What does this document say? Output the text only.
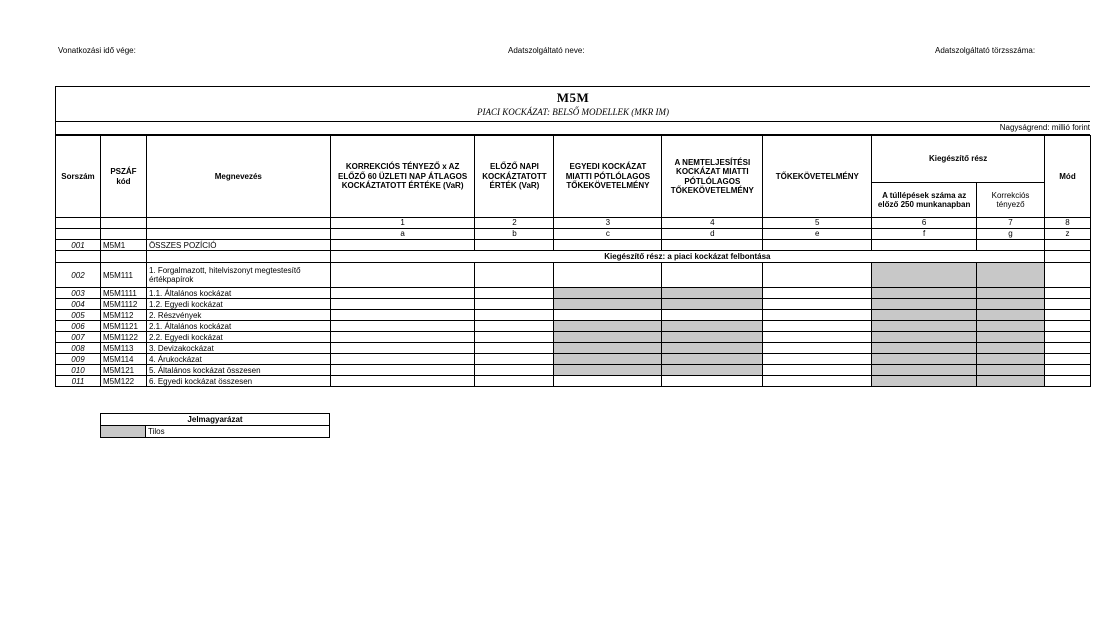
Vonatkozási idő vége:	Adatszolgáltató neve:	Adatszolgáltató törzsszáma:
M5M
PIACI KOCKÁZAT: BELSŐ MODELLEK (MKR IM)
Nagyságrend: millió forint
Sorszám	PSZÁF kód	Megnevezés	KORREKCIÓS TÉNYEZŐ x AZ ELŐZŐ 60 ÜZLETI NAP ÁTLAGOS KOCKÁZTATOTT ÉRTÉKE (VaR)	ELŐZŐ NAPI KOCKÁZTATOTT ÉRTÉK (VaR)	EGYEDI KOCKÁZAT MIATTI PÓTLÓLAGOS TŐKEKÖVETELMÉNY	A NEMTELJESÍTÉSI KOCKÁZAT MIATTI PÓTLÓLAGOS TŐKEKÖVETELMÉNY	TŐKEKÖVETELMÉNY	Kiegészítő rész		Mód
								A túllépések száma az előző 250 munkanapban	Korrekciós tényező	
			1	2	3	4	5	6	7	8
			a	b	c	d	e	f	g	z
001	M5M1	ÖSSZES POZÍCIÓ								
			Kiegészítő rész: a piaci kockázat felbontása							
002	M5M111	1. Forgalmazott, hitelviszonyt megtestesítő értékpapírok								
003	M5M1111	1.1. Általános kockázat								
004	M5M1112	1.2. Egyedi kockázat								
005	M5M112	2. Részvények								
006	M5M1121	2.1. Általános kockázat								
007	M5M1122	2.2. Egyedi kockázat								
008	M5M113	3. Devizakockázat								
009	M5M114	4. Árukockázat								
010	M5M121	5. Általános kockázat összesen								
011	M5M122	6. Egyedi kockázat összesen								
Jelmagyarázat
	Tilos
